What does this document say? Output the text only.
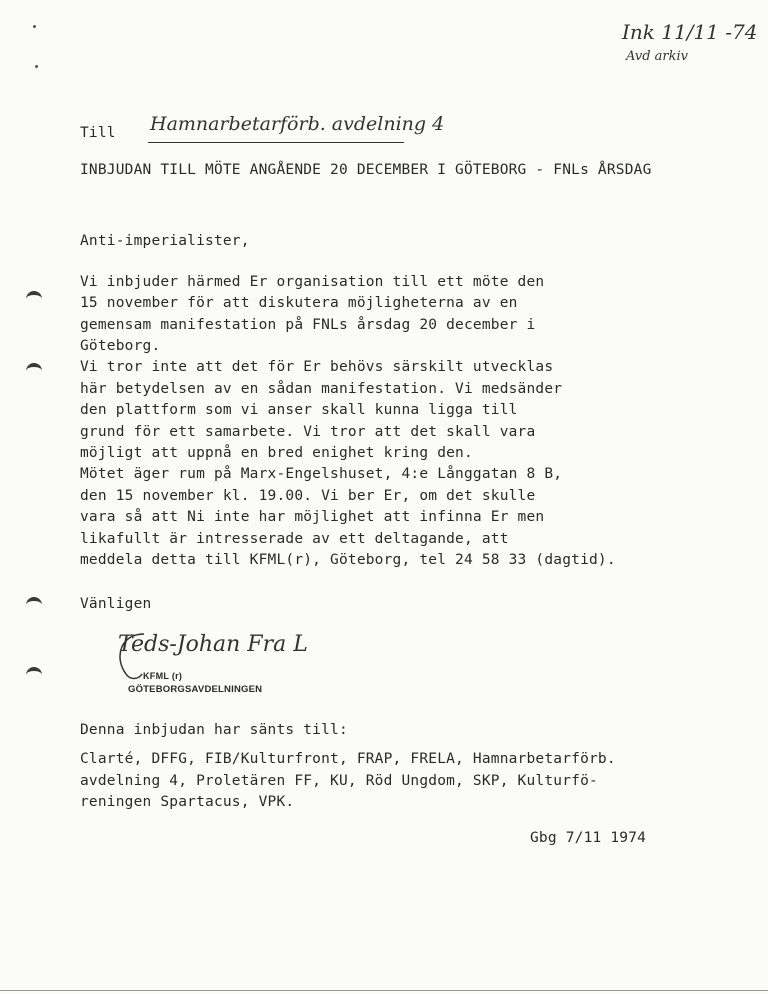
Ink 11/11 -74
Avd arkiv
Till Hamnarbetarförb. avdelning 4
INBJUDAN TILL MÖTE ANGÅENDE 20 DECEMBER I GÖTEBORG - FNLs ÅRSDAG
Anti-imperialister,
Vi inbjuder härmed Er organisation till ett möte den
15 november för att diskutera möjligheterna av en
gemensam manifestation på FNLs årsdag 20 december i
Göteborg.
Vi tror inte att det för Er behövs särskilt utvecklas
här betydelsen av en sådan manifestation. Vi medsänder
den plattform som vi anser skall kunna ligga till
grund för ett samarbete. Vi tror att det skall vara
möjligt att uppnå en bred enighet kring den.
Mötet äger rum på Marx-Engelshuset, 4:e Långgatan 8 B,
den 15 november kl. 19.00. Vi ber Er, om det skulle
vara så att Ni inte har möjlighet att infinna Er men
likafullt är intresserade av ett deltagande, att
meddela detta till KFML(r), Göteborg, tel 24 58 33 (dagtid).
Vänligen
Teds-Johan Fra L
KFML (r)
GÖTEBORGSAVDELNINGEN
Denna inbjudan har sänts till:
Clarté, DFFG, FIB/Kulturfront, FRAP, FRELA, Hamnarbetarförb.
avdelning 4, Proletären FF, KU, Röd Ungdom, SKP, Kulturfö-
reningen Spartacus, VPK.
Gbg 7/11 1974
